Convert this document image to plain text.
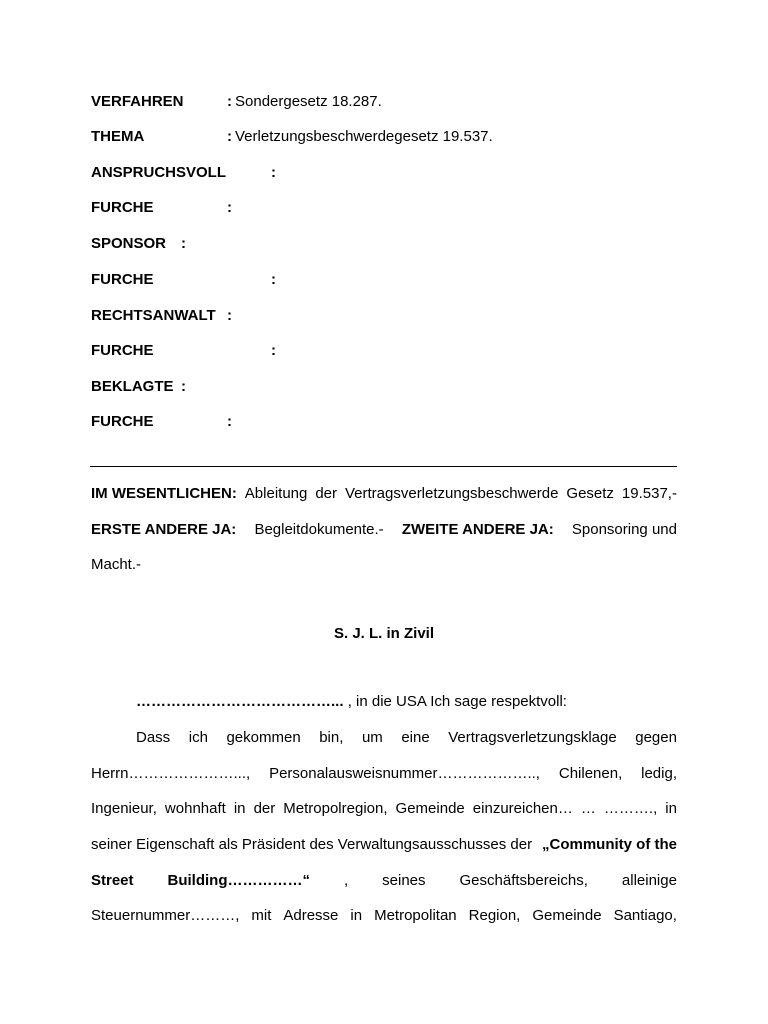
VERFAHREN	: Sondergesetz 18.287.
THEMA	: Verletzungsbeschwerdegesetz 19.537.
ANSPRUCHSVOLL	:
FURCHE	:
SPONSOR :
FURCHE	:
RECHTSANWALT :
FURCHE	:
BEKLAGTE :
FURCHE	:
IM WESENTLICHEN: Ableitung der Vertragsverletzungsbeschwerde Gesetz 19.537,-
ERSTE ANDERE JA: Begleitdokumente.- ZWEITE ANDERE JA: Sponsoring und
Macht.-
S. J. L. in Zivil
…………………………………... , in die USA Ich sage respektvoll:
Dass ich gekommen bin, um eine Vertragsverletzungsklage gegen
Herrn…………………..., Personalausweisnummer……………….., Chilenen, ledig,
Ingenieur, wohnhaft in der Metropolregion, Gemeinde einzureichen… … ………., in
seiner Eigenschaft als Präsident des Verwaltungsausschusses der „Community of the
Street Building……………“ , seines Geschäftsbereichs, alleinige
Steuernummer………, mit Adresse in Metropolitan Region, Gemeinde Santiago,
